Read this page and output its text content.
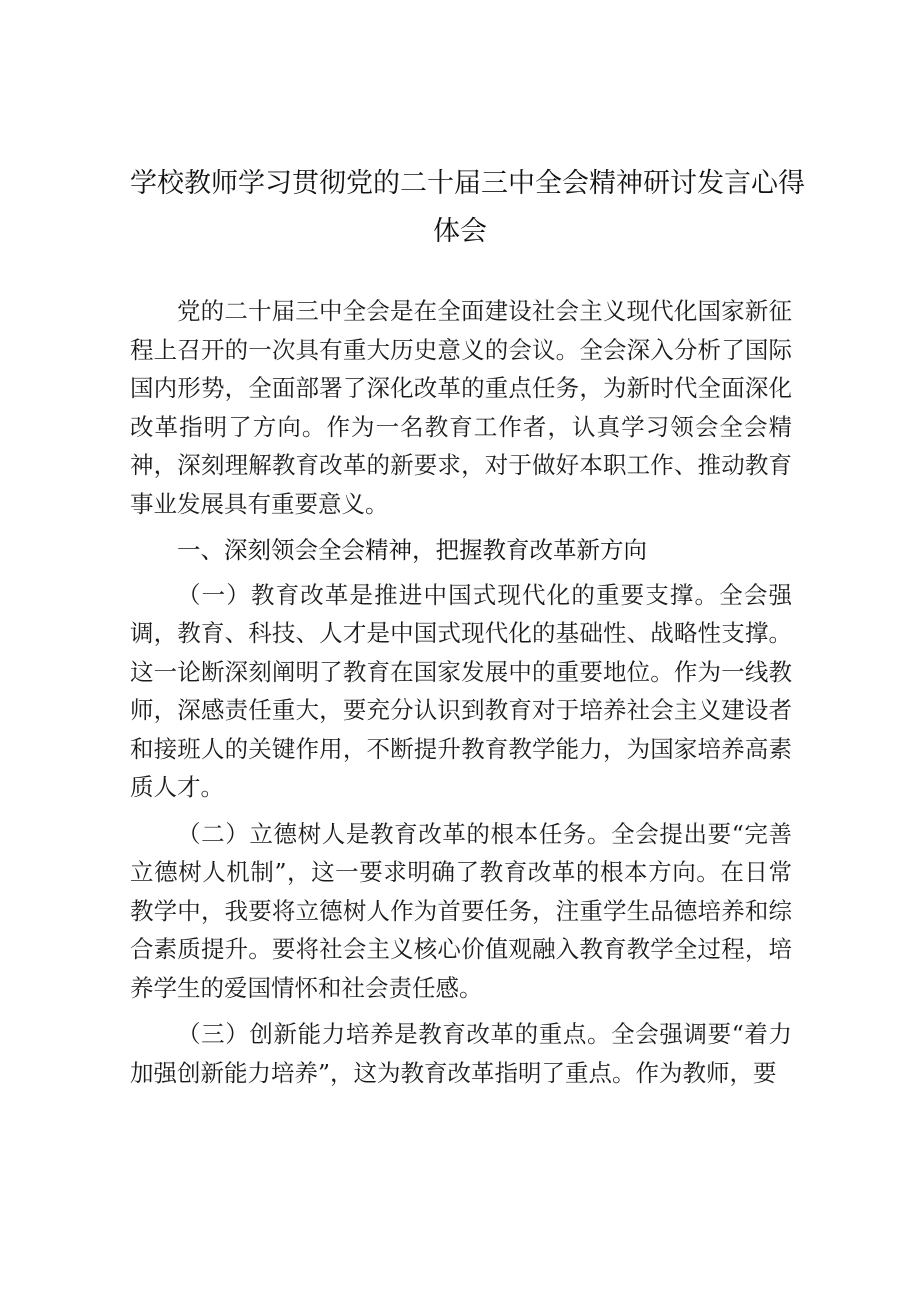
学校教师学习贯彻党的二十届三中全会精神研讨发言心得
体会

党的二十届三中全会是在全面建设社会主义现代化国家新征程上召开的一次具有重大历史意义的会议。全会深入分析了国际国内形势，全面部署了深化改革的重点任务，为新时代全面深化改革指明了方向。作为一名教育工作者，认真学习领会全会精神，深刻理解教育改革的新要求，对于做好本职工作、推动教育事业发展具有重要意义。

一、深刻领会全会精神，把握教育改革新方向

（一）教育改革是推进中国式现代化的重要支撑。全会强调，教育、科技、人才是中国式现代化的基础性、战略性支撑。这一论断深刻阐明了教育在国家发展中的重要地位。作为一线教师，深感责任重大，要充分认识到教育对于培养社会主义建设者和接班人的关键作用，不断提升教育教学能力，为国家培养高素质人才。

（二）立德树人是教育改革的根本任务。全会提出要“完善立德树人机制”，这一要求明确了教育改革的根本方向。在日常教学中，我要将立德树人作为首要任务，注重学生品德培养和综合素质提升。要将社会主义核心价值观融入教育教学全过程，培养学生的爱国情怀和社会责任感。

（三）创新能力培养是教育改革的重点。全会强调要“着力加强创新能力培养”，这为教育改革指明了重点。作为教师，要
